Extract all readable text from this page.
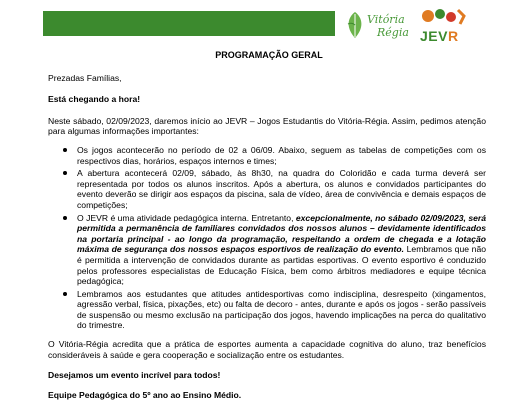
Vitória
Régia JEVR

PROGRAMAÇÃO GERAL

Prezadas Famílias,

Está chegando a hora!

Neste sábado, 02/09/2023, daremos início ao JEVR – Jogos Estudantis do Vitória-Régia. Assim, pedimos atenção para algumas informações importantes:

Os jogos acontecerão no período de 02 a 06/09. Abaixo, seguem as tabelas de competições com os respectivos dias, horários, espaços internos e times;
A abertura acontecerá 02/09, sábado, às 8h30, na quadra do Coloridão e cada turma deverá ser representada por todos os alunos inscritos. Após a abertura, os alunos e convidados participantes do evento deverão se dirigir aos espaços da piscina, sala de vídeo, área de convivência e demais espaços de competições;
O JEVR é uma atividade pedagógica interna. Entretanto, excepcionalmente, no sábado 02/09/2023, será permitida a permanência de familiares convidados dos nossos alunos – devidamente identificados na portaria principal - ao longo da programação, respeitando a ordem de chegada e a lotação máxima de segurança dos nossos espaços esportivos de realização do evento. Lembramos que não é permitida a intervenção de convidados durante as partidas esportivas. O evento esportivo é conduzido pelos professores especialistas de Educação Física, bem como árbitros mediadores e equipe técnica pedagógica;
Lembramos aos estudantes que atitudes antidesportivas como indisciplina, desrespeito (xingamentos, agressão verbal, física, pixações, etc) ou falta de decoro - antes, durante e após os jogos - serão passíveis de suspensão ou mesmo exclusão na participação dos jogos, havendo implicações na perca do qualitativo do trimestre.

O Vitória-Régia acredita que a prática de esportes aumenta a capacidade cognitiva do aluno, traz benefícios consideráveis à saúde e gera cooperação e socialização entre os estudantes.

Desejamos um evento incrível para todos!

Equipe Pedagógica do 5º ano ao Ensino Médio.
